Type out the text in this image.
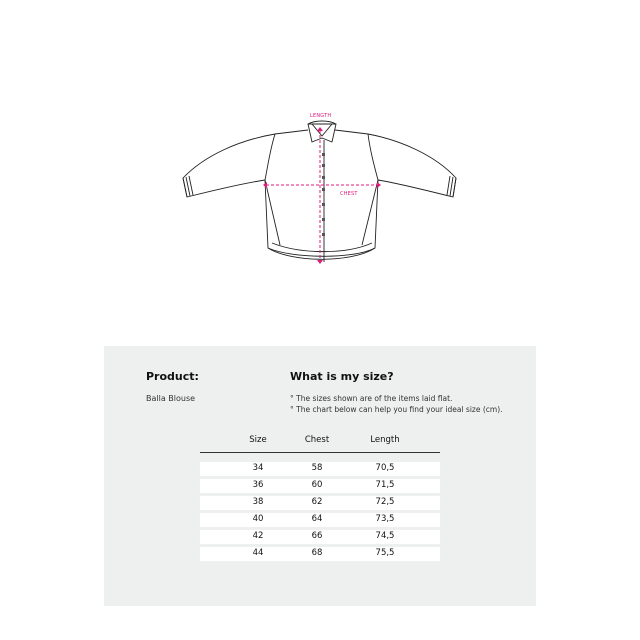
LENGTH
CHEST
Product:
Balla Blouse
What is my size?
° The sizes shown are of the items laid flat.
° The chart below can help you find your ideal size (cm).
Size	Chest	Length
34	58	70,5
36	60	71,5
38	62	72,5
40	64	73,5
42	66	74,5
44	68	75,5
